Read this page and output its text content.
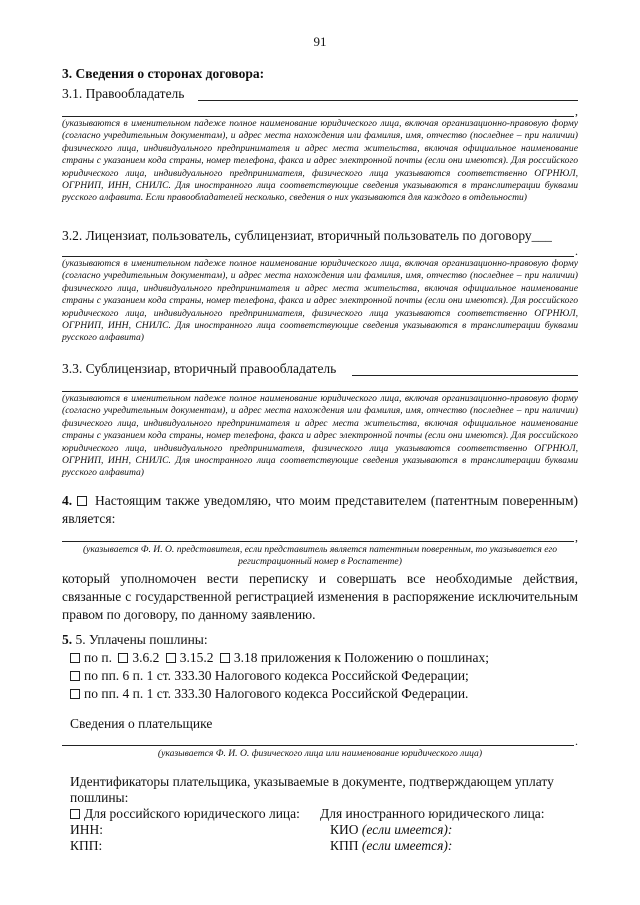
91
3. Сведения о сторонах договора:
3.1. Правообладатель
,
(указываются в именительном падеже полное наименование юридического лица, включая организационно-правовую форму (согласно учредительным документам), и адрес места нахождения или фамилия, имя, отчество (последнее – при наличии) физического лица, индивидуального предпринимателя и адрес места жительства, включая официальное наименование страны с указанием кода страны, номер телефона, факса и адрес электронной почты (если они имеются). Для российского юридического лица, индивидуального предпринимателя, физического лица указываются соответственно ОГРНЮЛ, ОГРНИП, ИНН, СНИЛС. Для иностранного лица соответствующие сведения указываются в транслитерации буквами русского алфавита. Если правообладателей несколько, сведения о них указываются для каждого в отдельности)
3.2. Лицензиат, пользователь, сублицензиат, вторичный пользователь по договору___
.
(указываются в именительном падеже полное наименование юридического лица, включая организационно-правовую форму (согласно учредительным документам), и адрес места нахождения или фамилия, имя, отчество (последнее – при наличии) физического лица, индивидуального предпринимателя и адрес места жительства, включая официальное наименование страны с указанием кода страны, номер телефона, факса и адрес электронной почты (если они имеются). Для российского юридического лица, индивидуального предпринимателя, физического лица указываются соответственно ОГРНЮЛ, ОГРНИП, ИНН, СНИЛС. Для иностранного лица соответствующие сведения указываются в транслитерации буквами русского алфавита)
3.3. Сублицензиар, вторичный правообладатель
(указываются в именительном падеже полное наименование юридического лица, включая организационно-правовую форму (согласно учредительным документам), и адрес места нахождения или фамилия, имя, отчество (последнее – при наличии) физического лица, индивидуального предпринимателя и адрес места жительства, включая официальное наименование страны с указанием кода страны, номер телефона, факса и адрес электронной почты (если они имеются). Для российского юридического лица, индивидуального предпринимателя, физического лица указываются соответственно ОГРНЮЛ, ОГРНИП, ИНН, СНИЛС. Для иностранного лица соответствующие сведения указываются в транслитерации буквами русского алфавита)
4. Настоящим также уведомляю, что моим представителем (патентным поверенным) является:
,
(указывается Ф. И. О. представителя, если представитель является патентным поверенным, то указывается его регистрационный номер в Роспатенте)
который уполномочен вести переписку и совершать все необходимые действия, связанные с государственной регистрацией изменения в распоряжение исключительным правом по договору, по данному заявлению.
5. 5. Уплачены пошлины:
по п. 3.6.2 3.15.2 3.18 приложения к Положению о пошлинах;
по пп. 6 п. 1 ст. 333.30 Налогового кодекса Российской Федерации;
по пп. 4 п. 1 ст. 333.30 Налогового кодекса Российской Федерации.
Сведения о плательщике
.
(указывается Ф. И. О. физического лица или наименование юридического лица)
Идентификаторы плательщика, указываемые в документе, подтверждающем уплату
пошлины:
Для российского юридического лица:
ИНН:
КПП:
Для иностранного юридического лица:
КИО (если имеется):
КПП (если имеется):
